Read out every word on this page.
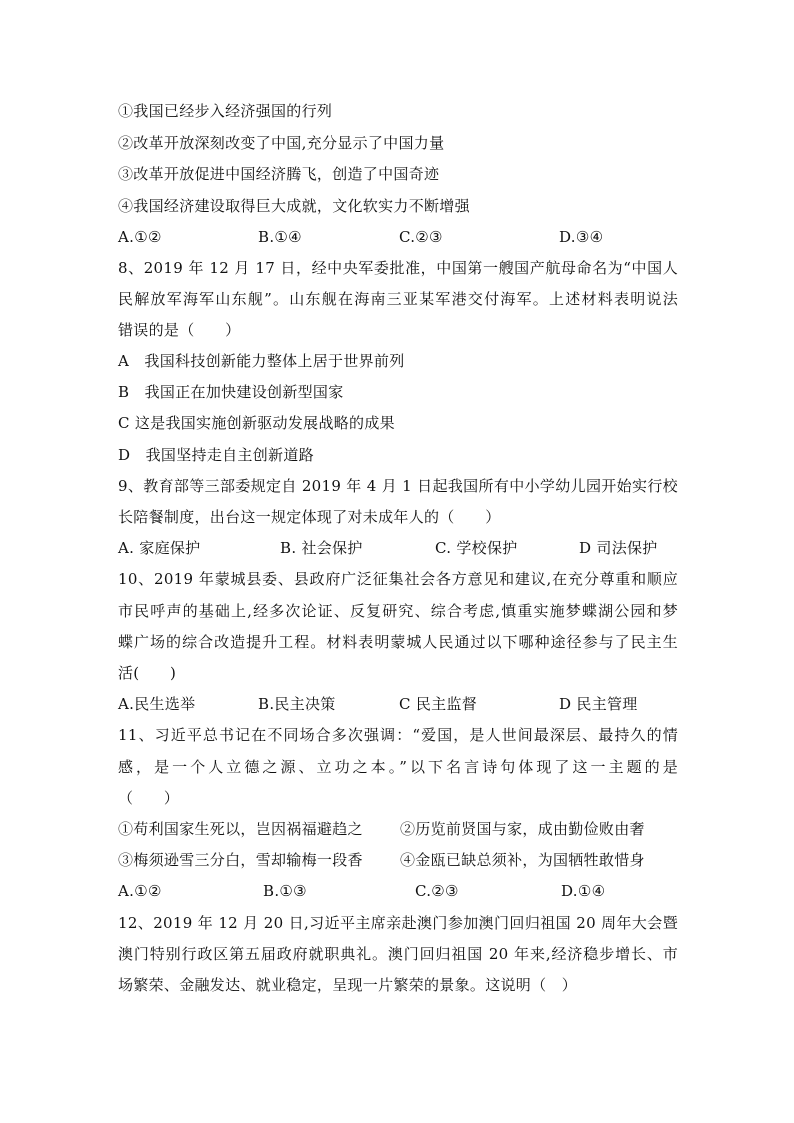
①我国已经步入经济强国的行列
②改革开放深刻改变了中国,充分显示了中国力量
③改革开放促进中国经济腾飞，创造了中国奇迹
④我国经济建设取得巨大成就，文化软实力不断增强
A.①②	B.①④	C.②③	D.③④
8、2019 年 12 月 17 日，经中央军委批准，中国第一艘国产航母命名为“中国人
民解放军海军山东舰”。山东舰在海南三亚某军港交付海军。上述材料表明说法
错误的是（　　）
A　我国科技创新能力整体上居于世界前列
B　我国正在加快建设创新型国家
C 这是我国实施创新驱动发展战略的成果
D　我国坚持走自主创新道路
9、教育部等三部委规定自 2019 年 4 月 1 日起我国所有中小学幼儿园开始实行校
长陪餐制度，出台这一规定体现了对未成年人的（　　）
A. 家庭保护	B. 社会保护	C. 学校保护	D 司法保护
10、2019 年蒙城县委、县政府广泛征集社会各方意见和建议,在充分尊重和顺应
市民呼声的基础上,经多次论证、反复研究、综合考虑,慎重实施梦蝶湖公园和梦
蝶广场的综合改造提升工程。材料表明蒙城人民通过以下哪种途径参与了民主生
活(　　)
A.民生选举	B.民主决策	C 民主监督	D 民主管理
11、习近平总书记在不同场合多次强调：“爱国，是人世间最深层、最持久的情
感，是一个人立德之源、立功之本。”以下名言诗句体现了这一主题的是
（　　）
①苟利国家生死以，岂因祸福避趋之 ②历览前贤国与家，成由勤俭败由奢
③梅须逊雪三分白，雪却输梅一段香 ④金瓯已缺总须补，为国牺牲敢惜身
A.①②	B.①③	C.②③	D.①④
12、2019 年 12 月 20 日,习近平主席亲赴澳门参加澳门回归祖国 20 周年大会暨
澳门特别行政区第五届政府就职典礼。澳门回归祖国 20 年来,经济稳步增长、市
场繁荣、金融发达、就业稳定，呈现一片繁荣的景象。这说明（　）
